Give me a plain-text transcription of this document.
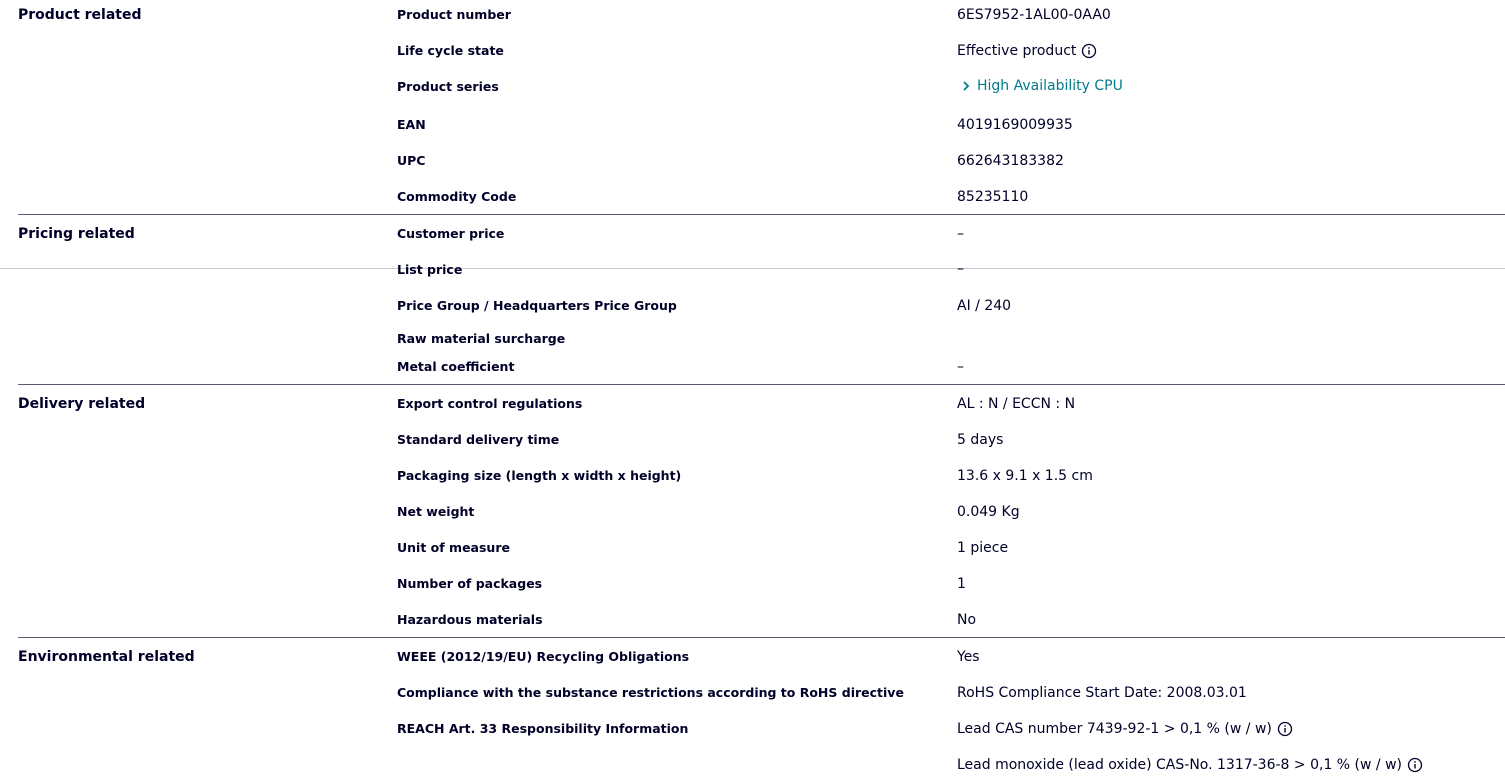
Product related	Product number	6ES7952-1AL00-0AA0
Life cycle state	Effective product
Product series	High Availability CPU
EAN	4019169009935
UPC	662643183382
Commodity Code	85235110
Pricing related	Customer price	–
List price	–
Price Group / Headquarters Price Group	AI / 240
Raw material surcharge
Metal coefficient	–
Delivery related	Export control regulations	AL : N / ECCN : N
Standard delivery time	5 days
Packaging size (length x width x height)	13.6 x 9.1 x 1.5 cm
Net weight	0.049 Kg
Unit of measure	1 piece
Number of packages	1
Hazardous materials	No
Environmental related	WEEE (2012/19/EU) Recycling Obligations	Yes
Compliance with the substance restrictions according to RoHS directive	RoHS Compliance Start Date: 2008.03.01
REACH Art. 33 Responsibility Information	Lead CAS number 7439-92-1 > 0,1 % (w / w)
Lead monoxide (lead oxide) CAS-No. 1317-36-8 > 0,1 % (w / w)
